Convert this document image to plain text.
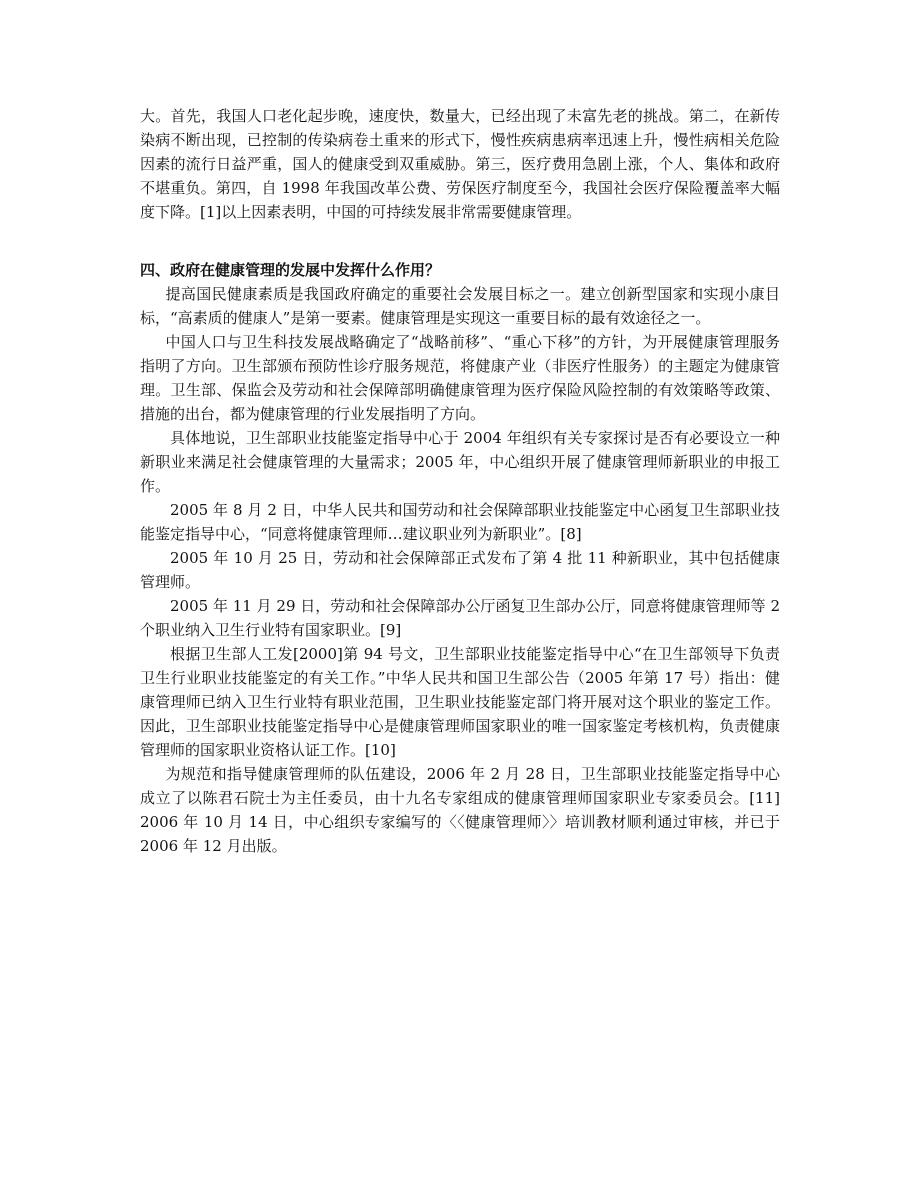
大。首先，我国人口老化起步晚，速度快，数量大，已经出现了未富先老的挑战。第二，在新传染病不断出现，已控制的传染病卷土重来的形式下，慢性疾病患病率迅速上升，慢性病相关危险因素的流行日益严重，国人的健康受到双重威胁。第三，医疗费用急剧上涨，个人、集体和政府不堪重负。第四，自 1998 年我国改革公费、劳保医疗制度至今，我国社会医疗保险覆盖率大幅度下降。[1]以上因素表明，中国的可持续发展非常需要健康管理。

四、政府在健康管理的发展中发挥什么作用？

提高国民健康素质是我国政府确定的重要社会发展目标之一。建立创新型国家和实现小康目标，“高素质的健康人”是第一要素。健康管理是实现这一重要目标的最有效途径之一。

中国人口与卫生科技发展战略确定了“战略前移”、“重心下移”的方针，为开展健康管理服务指明了方向。卫生部颁布预防性诊疗服务规范，将健康产业（非医疗性服务）的主题定为健康管理。卫生部、保监会及劳动和社会保障部明确健康管理为医疗保险风险控制的有效策略等政策、措施的出台，都为健康管理的行业发展指明了方向。

具体地说，卫生部职业技能鉴定指导中心于 2004 年组织有关专家探讨是否有必要设立一种新职业来满足社会健康管理的大量需求；2005 年，中心组织开展了健康管理师新职业的申报工作。

2005 年 8 月 2 日，中华人民共和国劳动和社会保障部职业技能鉴定中心函复卫生部职业技能鉴定指导中心，“同意将健康管理师…建议职业列为新职业”。[8]

2005 年 10 月 25 日，劳动和社会保障部正式发布了第 4 批 11 种新职业，其中包括健康管理师。

2005 年 11 月 29 日，劳动和社会保障部办公厅函复卫生部办公厅，同意将健康管理师等 2 个职业纳入卫生行业特有国家职业。[9]

根据卫生部人工发[2000]第 94 号文，卫生部职业技能鉴定指导中心“在卫生部领导下负责卫生行业职业技能鉴定的有关工作。”中华人民共和国卫生部公告（2005 年第 17 号）指出：健康管理师已纳入卫生行业特有职业范围，卫生职业技能鉴定部门将开展对这个职业的鉴定工作。因此，卫生部职业技能鉴定指导中心是健康管理师国家职业的唯一国家鉴定考核机构，负责健康管理师的国家职业资格认证工作。[10]

为规范和指导健康管理师的队伍建设，2006 年 2 月 28 日，卫生部职业技能鉴定指导中心成立了以陈君石院士为主任委员，由十九名专家组成的健康管理师国家职业专家委员会。[11] 2006 年 10 月 14 日，中心组织专家编写的〈〈健康管理师〉〉培训教材顺利通过审核，并已于 2006 年 12 月出版。
